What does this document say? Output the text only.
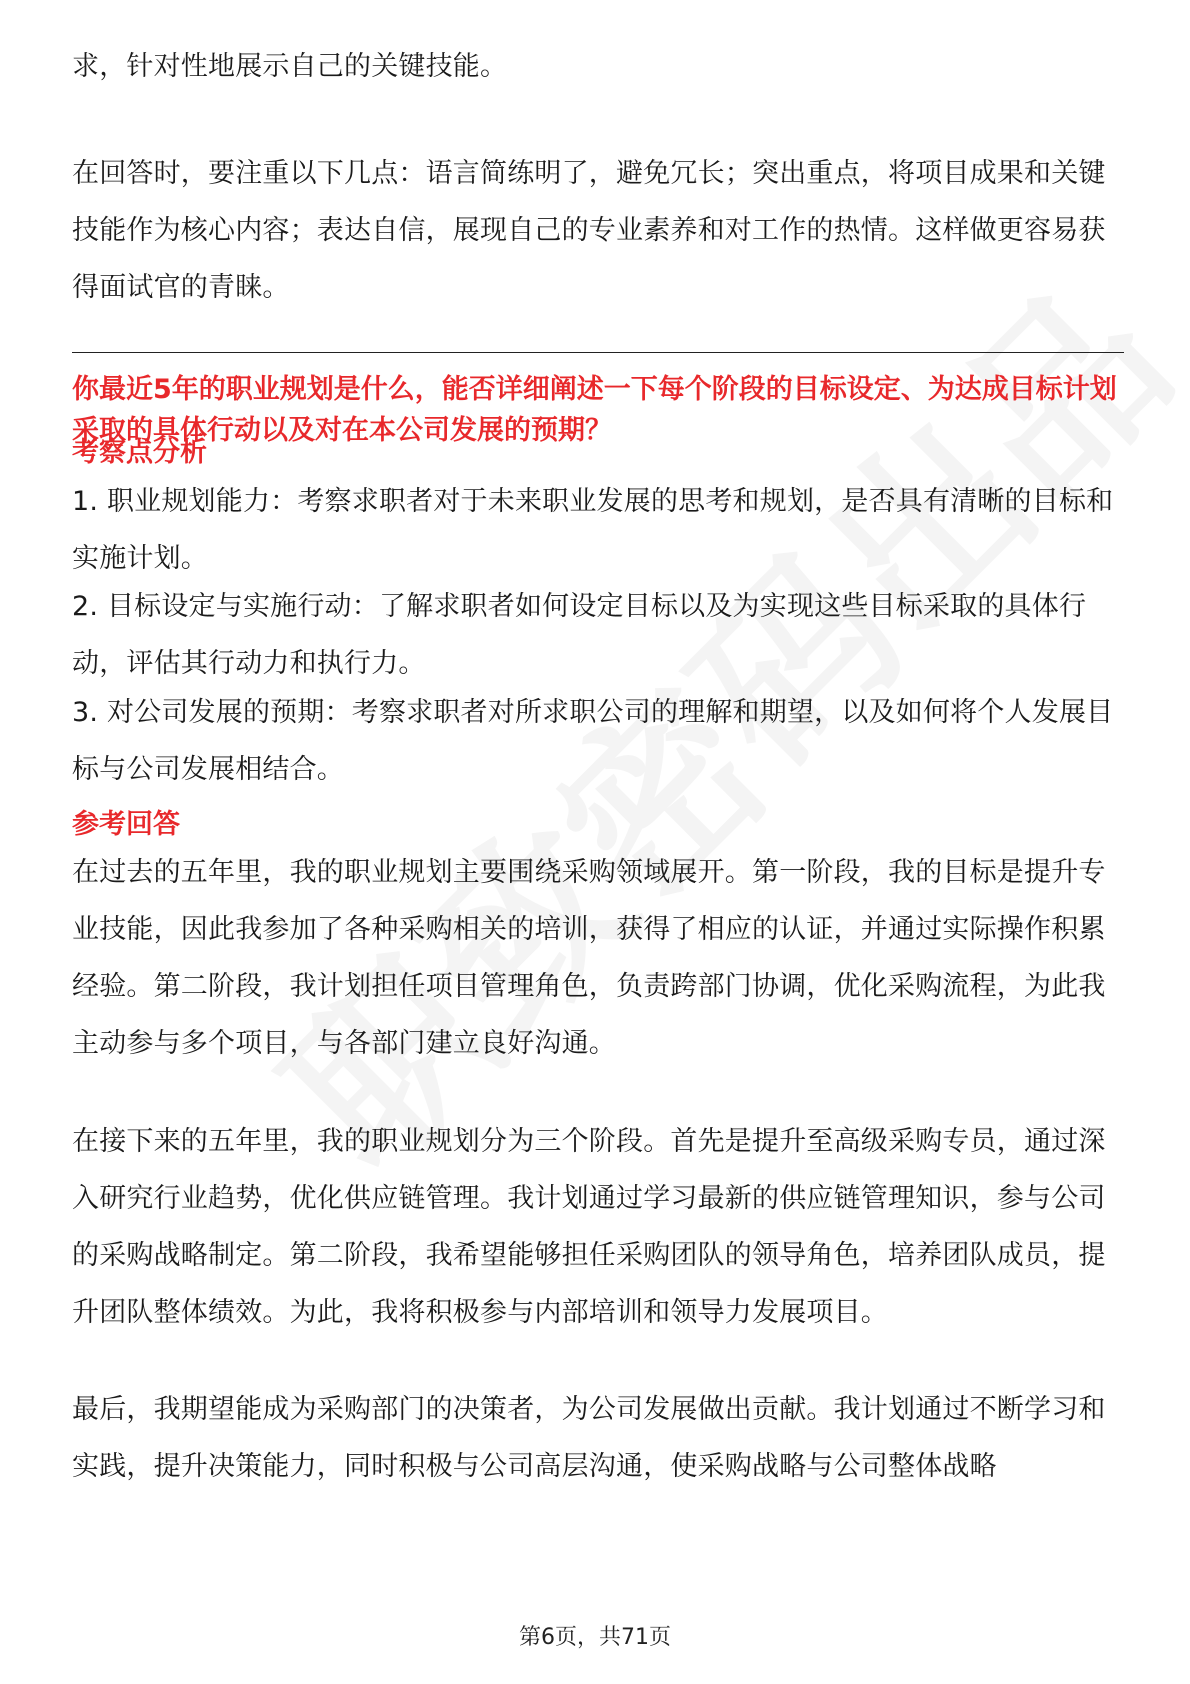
求，针对性地展示自己的关键技能。

在回答时，要注重以下几点：语言简练明了，避免冗长；突出重点，将项目成果和关键技能作为核心内容；表达自信，展现自己的专业素养和对工作的热情。这样做更容易获得面试官的青睐。

你最近5年的职业规划是什么，能否详细阐述一下每个阶段的目标设定、为达成目标计划采取的具体行动以及对在本公司发展的预期？

考察点分析

1. 职业规划能力：考察求职者对于未来职业发展的思考和规划，是否具有清晰的目标和实施计划。

2. 目标设定与实施行动：了解求职者如何设定目标以及为实现这些目标采取的具体行动，评估其行动力和执行力。

3. 对公司发展的预期：考察求职者对所求职公司的理解和期望，以及如何将个人发展目标与公司发展相结合。

参考回答

在过去的五年里，我的职业规划主要围绕采购领域展开。第一阶段，我的目标是提升专业技能，因此我参加了各种采购相关的培训，获得了相应的认证，并通过实际操作积累经验。第二阶段，我计划担任项目管理角色，负责跨部门协调，优化采购流程，为此我主动参与多个项目，与各部门建立良好沟通。

在接下来的五年里，我的职业规划分为三个阶段。首先是提升至高级采购专员，通过深入研究行业趋势，优化供应链管理。我计划通过学习最新的供应链管理知识，参与公司的采购战略制定。第二阶段，我希望能够担任采购团队的领导角色，培养团队成员，提升团队整体绩效。为此，我将积极参与内部培训和领导力发展项目。

最后，我期望能成为采购部门的决策者，为公司发展做出贡献。我计划通过不断学习和实践，提升决策能力，同时积极与公司高层沟通，使采购战略与公司整体战略

第6页，共71页
